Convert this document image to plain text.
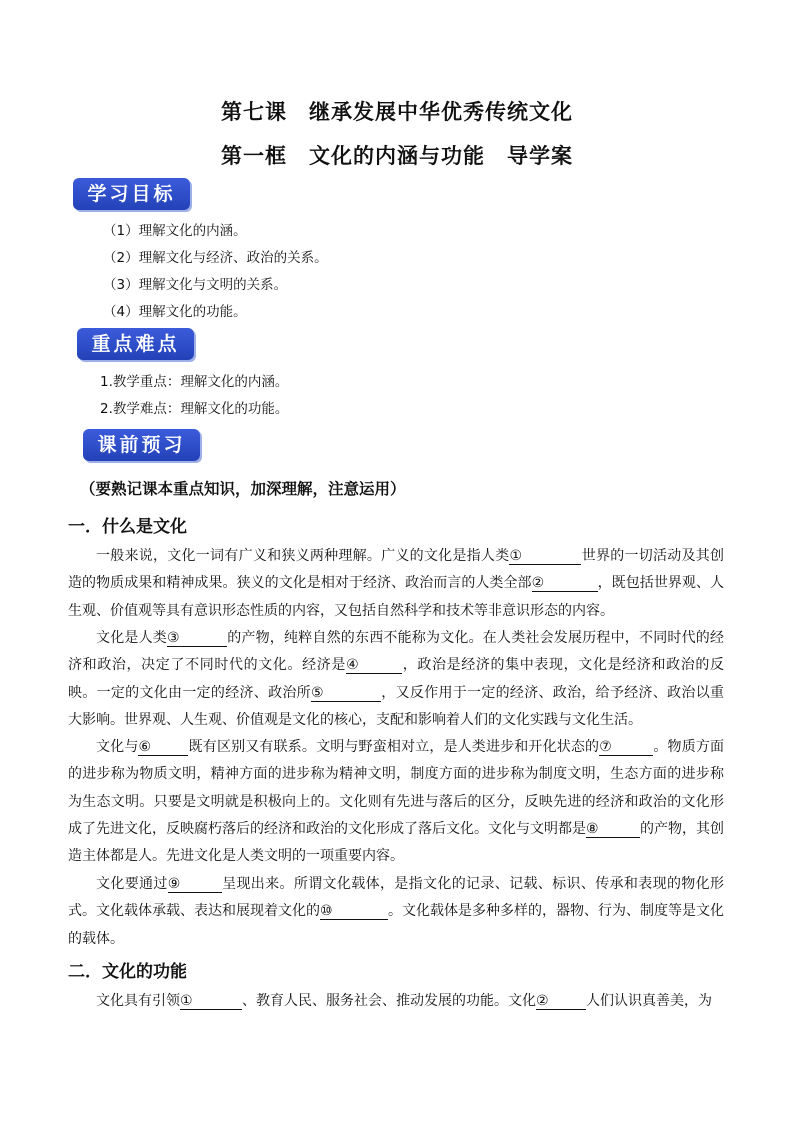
第七课　继承发展中华优秀传统文化
第一框　文化的内涵与功能　导学案
学习目标
（1）理解文化的内涵。
（2）理解文化与经济、政治的关系。
（3）理解文化与文明的关系。
（4）理解文化的功能。
重点难点
1.教学重点：理解文化的内涵。
2.教学难点：理解文化的功能。
课前预习
（要熟记课本重点知识，加深理解，注意运用）
一．什么是文化

一般来说，文化一词有广义和狭义两种理解。广义的文化是指人类①	世界的一切活动及其创造的物质成果和精神成果。狭义的文化是相对于经济、政治而言的人类全部②	，既包括世界观、人生观、价值观等具有意识形态性质的内容，又包括自然科学和技术等非意识形态的内容。

文化是人类③	的产物，纯粹自然的东西不能称为文化。在人类社会发展历程中，不同时代的经济和政治，决定了不同时代的文化。经济是④	，政治是经济的集中表现，文化是经济和政治的反映。一定的文化由一定的经济、政治所⑤	，又反作用于一定的经济、政治，给予经济、政治以重大影响。世界观、人生观、价值观是文化的核心，支配和影响着人们的文化实践与文化生活。

文化与⑥	既有区别又有联系。文明与野蛮相对立，是人类进步和开化状态的⑦	。物质方面的进步称为物质文明，精神方面的进步称为精神文明，制度方面的进步称为制度文明，生态方面的进步称为生态文明。只要是文明就是积极向上的。文化则有先进与落后的区分，反映先进的经济和政治的文化形成了先进文化，反映腐朽落后的经济和政治的文化形成了落后文化。文化与文明都是⑧	的产物，其创造主体都是人。先进文化是人类文明的一项重要内容。

文化要通过⑨	呈现出来。所谓文化载体，是指文化的记录、记载、标识、传承和表现的物化形式。文化载体承载、表达和展现着文化的⑩	。文化载体是多种多样的，器物、行为、制度等是文化的载体。

二．文化的功能

文化具有引领①	、教育人民、服务社会、推动发展的功能。文化②	人们认识真善美，为
